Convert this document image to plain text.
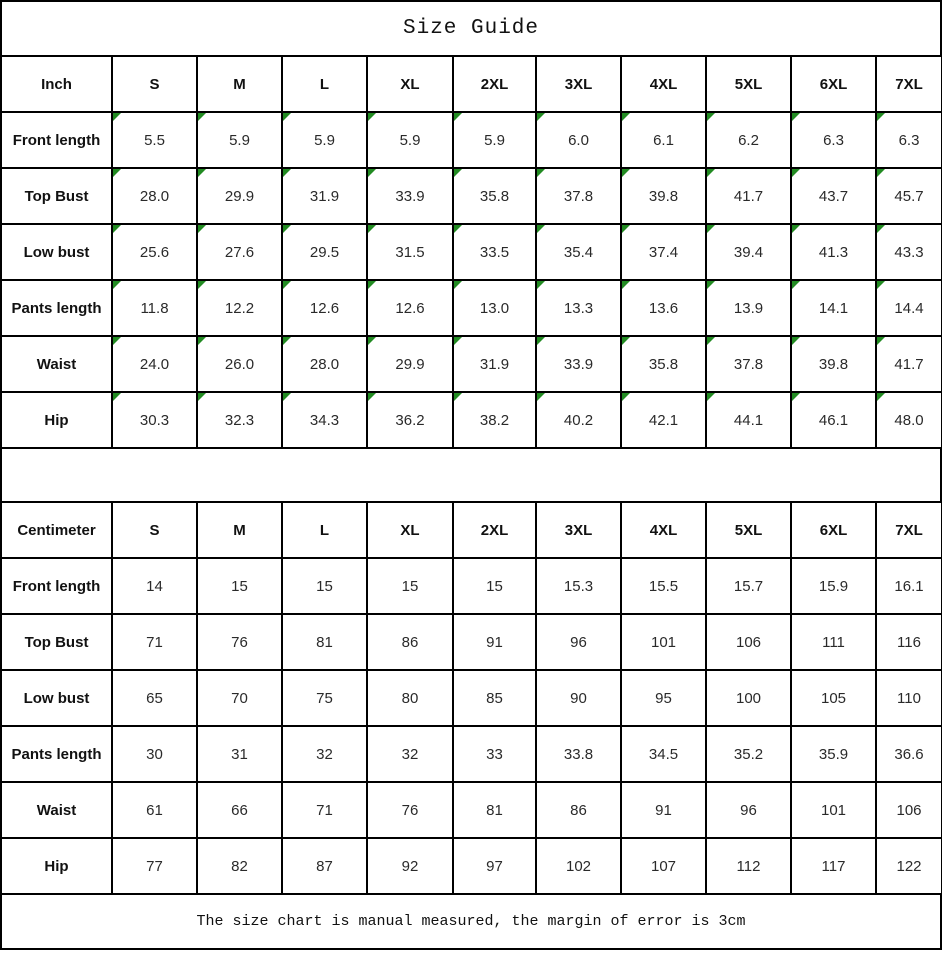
Size Guide
Inch	S	M	L	XL	2XL	3XL	4XL	5XL	6XL	7XL
Front length	5.5	5.9	5.9	5.9	5.9	6.0	6.1	6.2	6.3	6.3

Top Bust	28.0	29.9	31.9	33.9	35.8	37.8	39.8	41.7	43.7	45.7

Low bust	25.6	27.6	29.5	31.5	33.5	35.4	37.4	39.4	41.3	43.3

Pants length	11.8	12.2	12.6	12.6	13.0	13.3	13.6	13.9	14.1	14.4

Waist	24.0	26.0	28.0	29.9	31.9	33.9	35.8	37.8	39.8	41.7

Hip	30.3	32.3	34.3	36.2	38.2	40.2	42.1	44.1	46.1	48.0
Centimeter	S	M	L	XL	2XL	3XL	4XL	5XL	6XL	7XL
Front length	14	15	15	15	15	15.3	15.5	15.7	15.9	16.1
Top Bust	71	76	81	86	91	96	101	106	111	116
Low bust	65	70	75	80	85	90	95	100	105	110
Pants length	30	31	32	32	33	33.8	34.5	35.2	35.9	36.6
Waist	61	66	71	76	81	86	91	96	101	106
Hip	77	82	87	92	97	102	107	112	117	122
The size chart is manual measured, the margin of error is 3cm
